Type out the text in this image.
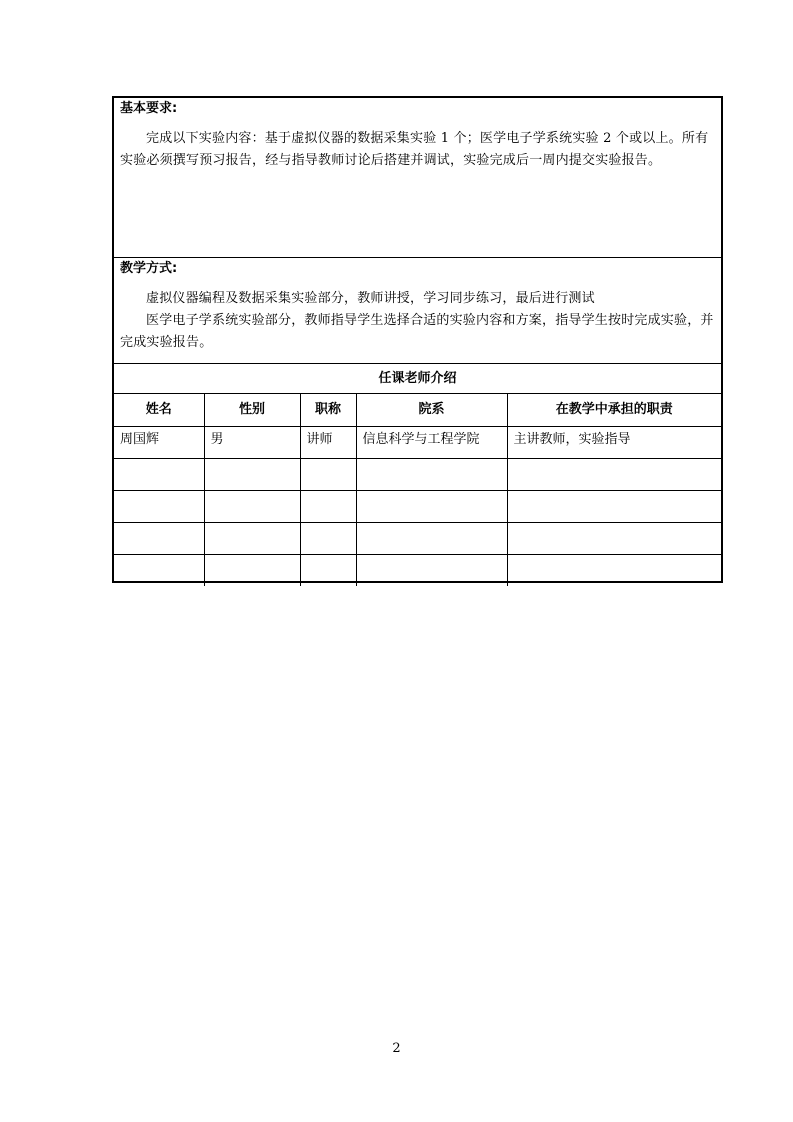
基本要求:
完成以下实验内容：基于虚拟仪器的数据采集实验 1 个；医学电子学系统实验 2 个或以上。所有实验必须撰写预习报告，经与指导教师讨论后搭建并调试，实验完成后一周内提交实验报告。
教学方式:
虚拟仪器编程及数据采集实验部分，教师讲授，学习同步练习，最后进行测试
医学电子学系统实验部分，教师指导学生选择合适的实验内容和方案，指导学生按时完成实验，并完成实验报告。
任课老师介绍
姓名	性别	职称	院系	在教学中承担的职责
周国辉	男	讲师	信息科学与工程学院	主讲教师，实验指导

2
